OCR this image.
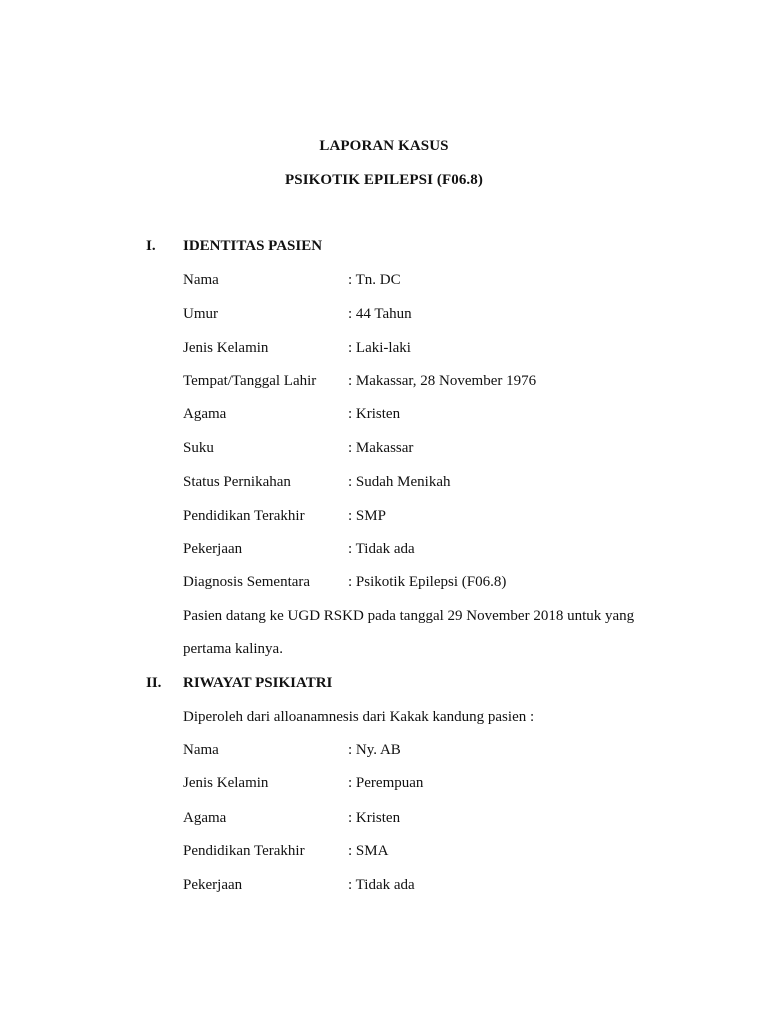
LAPORAN KASUS
PSIKOTIK EPILEPSI (F06.8)
I. IDENTITAS PASIEN
Nama	: Tn. DC
Umur	: 44 Tahun
Jenis Kelamin	: Laki-laki
Tempat/Tanggal Lahir : Makassar, 28 November 1976
Agama	: Kristen
Suku	: Makassar
Status Pernikahan	: Sudah Menikah
Pendidikan Terakhir	: SMP
Pekerjaan	: Tidak ada
Diagnosis Sementara	: Psikotik Epilepsi (F06.8)
Pasien datang ke UGD RSKD pada tanggal 29 November 2018 untuk yang
pertama kalinya.
II. RIWAYAT PSIKIATRI
Diperoleh dari alloanamnesis dari Kakak kandung pasien :
Nama	: Ny. AB
Jenis Kelamin	: Perempuan
Agama	: Kristen
Pendidikan Terakhir	: SMA
Pekerjaan	: Tidak ada
